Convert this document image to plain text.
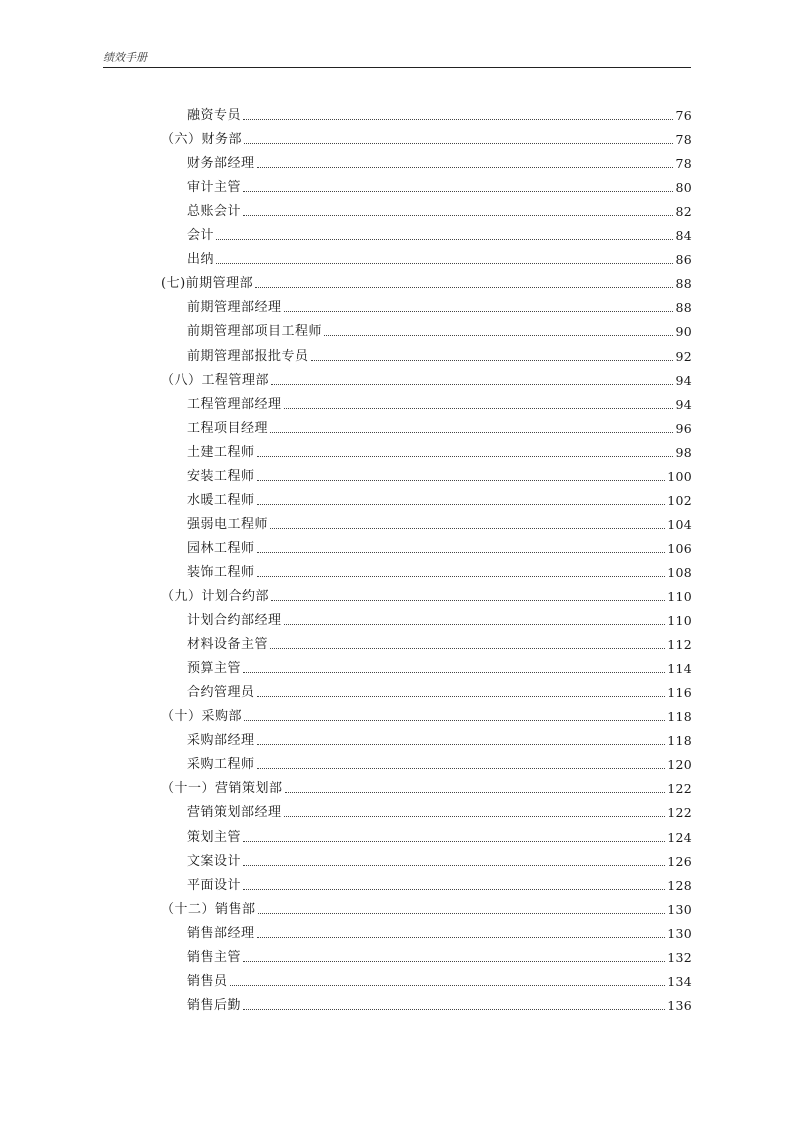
绩效手册
融资专员	76
（六）财务部	78
财务部经理	78
审计主管	80
总账会计	82
会计	84
出纳	86
(七)前期管理部	88
前期管理部经理	88
前期管理部项目工程师	90
前期管理部报批专员	92
（八）工程管理部	94
工程管理部经理	94
工程项目经理	96
土建工程师	98
安装工程师	100
水暖工程师	102
强弱电工程师	104
园林工程师	106
装饰工程师	108
（九）计划合约部	110
计划合约部经理	110
材料设备主管	112
预算主管	114
合约管理员	116
（十）采购部	118
采购部经理	118
采购工程师	120
（十一）营销策划部	122
营销策划部经理	122
策划主管	124
文案设计	126
平面设计	128
（十二）销售部	130
销售部经理	130
销售主管	132
销售员	134
销售后勤	136
